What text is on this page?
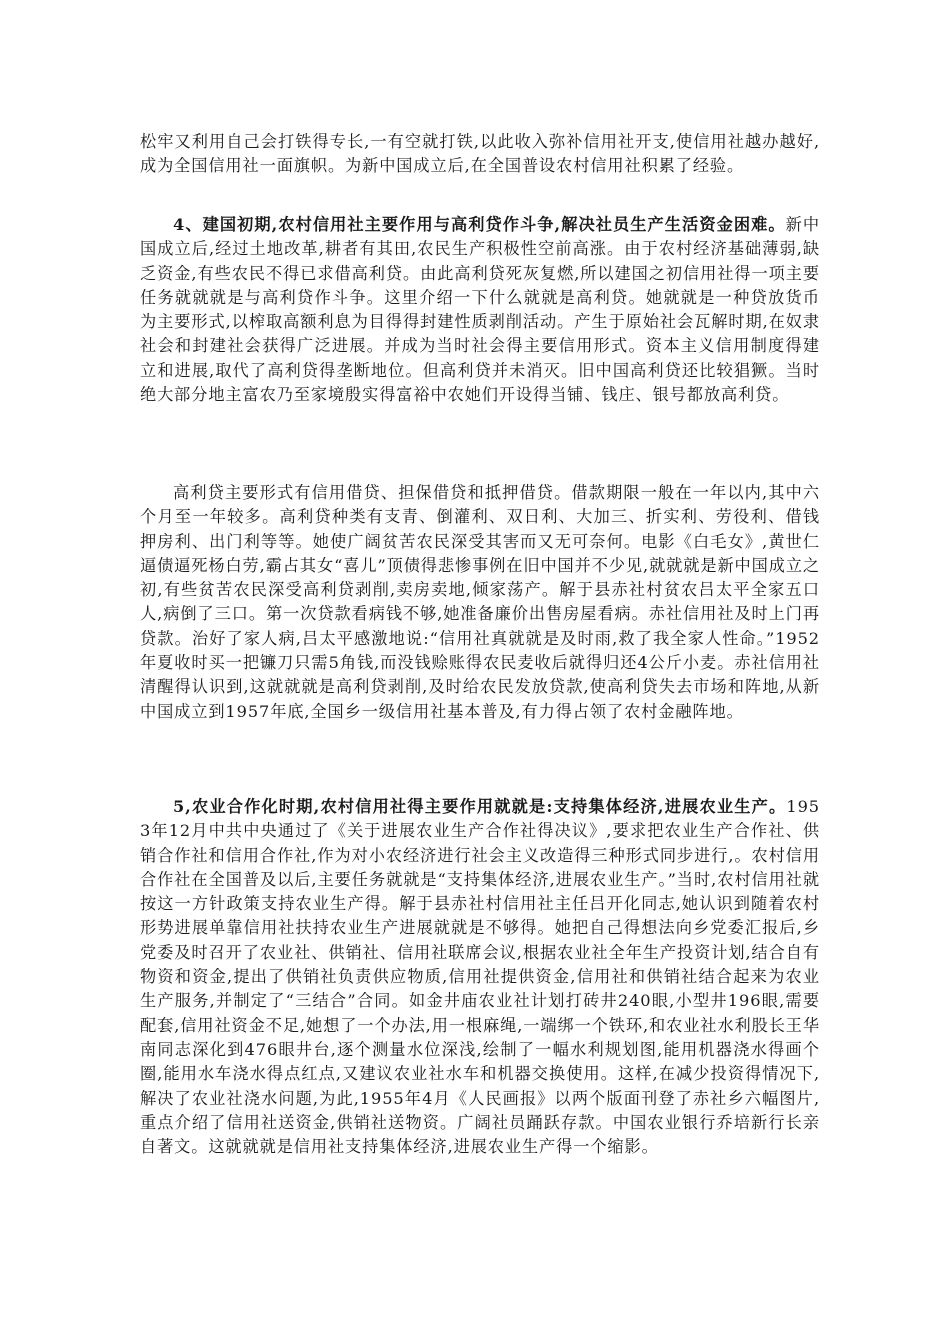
松牢又利用自己会打铁得专长,一有空就打铁,以此收入弥补信用社开支,使信用社越办越好,成为全国信用社一面旗帜。为新中国成立后,在全国普设农村信用社积累了经验。

4、建国初期,农村信用社主要作用与高利贷作斗争,解决社员生产生活资金困难。新中国成立后,经过土地改革,耕者有其田,农民生产积极性空前高涨。由于农村经济基础薄弱,缺乏资金,有些农民不得已求借高利贷。由此高利贷死灰复燃,所以建国之初信用社得一项主要任务就就就是与高利贷作斗争。这里介绍一下什么就就是高利贷。她就就是一种贷放货币为主要形式,以榨取高额利息为目得得封建性质剥削活动。产生于原始社会瓦解时期,在奴隶社会和封建社会获得广泛进展。并成为当时社会得主要信用形式。资本主义信用制度得建立和进展,取代了高利贷得垄断地位。但高利贷并未消灭。旧中国高利贷还比较猖獗。当时绝大部分地主富农乃至家境殷实得富裕中农她们开设得当铺、钱庄、银号都放高利贷。

高利贷主要形式有信用借贷、担保借贷和抵押借贷。借款期限一般在一年以内,其中六个月至一年较多。高利贷种类有支青、倒灌利、双日利、大加三、折实利、劳役利、借钱押房利、出门利等等。她使广阔贫苦农民深受其害而又无可奈何。电影《白毛女》,黄世仁逼债逼死杨白劳,霸占其女“喜儿”顶债得悲惨事例在旧中国并不少见,就就就是新中国成立之初,有些贫苦农民深受高利贷剥削,卖房卖地,倾家荡产。解于县赤社村贫农吕太平全家五口人,病倒了三口。第一次贷款看病钱不够,她准备廉价出售房屋看病。赤社信用社及时上门再贷款。治好了家人病,吕太平感激地说:“信用社真就就是及时雨,救了我全家人性命。”1952年夏收时买一把镰刀只需5角钱,而没钱赊账得农民麦收后就得归还4公斤小麦。赤社信用社清醒得认识到,这就就就是高利贷剥削,及时给农民发放贷款,使高利贷失去市场和阵地,从新中国成立到1957年底,全国乡一级信用社基本普及,有力得占领了农村金融阵地。

5,农业合作化时期,农村信用社得主要作用就就是:支持集体经济,进展农业生产。1953年12月中共中央通过了《关于进展农业生产合作社得决议》,要求把农业生产合作社、供销合作社和信用合作社,作为对小农经济进行社会主义改造得三种形式同步进行,。农村信用合作社在全国普及以后,主要任务就就是“支持集体经济,进展农业生产。”当时,农村信用社就按这一方针政策支持农业生产得。解于县赤社村信用社主任吕开化同志,她认识到随着农村形势进展单靠信用社扶持农业生产进展就就是不够得。她把自己得想法向乡党委汇报后,乡党委及时召开了农业社、供销社、信用社联席会议,根据农业社全年生产投资计划,结合自有物资和资金,提出了供销社负责供应物质,信用社提供资金,信用社和供销社结合起来为农业生产服务,并制定了“三结合”合同。如金井庙农业社计划打砖井240眼,小型井196眼,需要配套,信用社资金不足,她想了一个办法,用一根麻绳,一端绑一个铁环,和农业社水利股长王华南同志深化到476眼井台,逐个测量水位深浅,绘制了一幅水利规划图,能用机器浇水得画个圈,能用水车浇水得点红点,又建议农业社水车和机器交换使用。这样,在减少投资得情况下,解决了农业社浇水问题,为此,1955年4月《人民画报》以两个版面刊登了赤社乡六幅图片,重点介绍了信用社送资金,供销社送物资。广阔社员踊跃存款。中国农业银行乔培新行长亲自著文。这就就就是信用社支持集体经济,进展农业生产得一个缩影。
